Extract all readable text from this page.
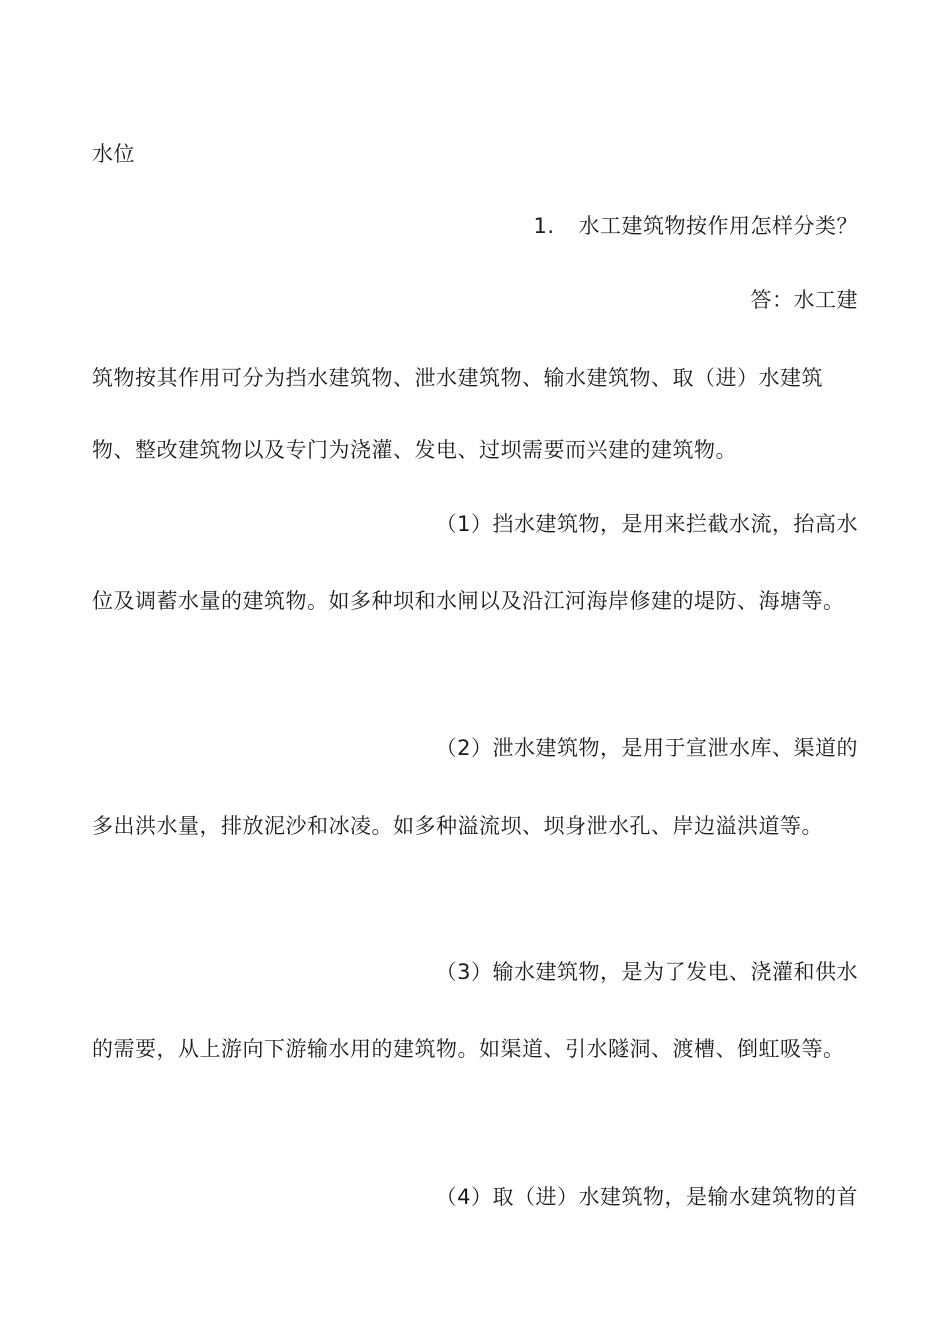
水位
1. 水工建筑物按作用怎样分类？
答：水工建
筑物按其作用可分为挡水建筑物、泄水建筑物、输水建筑物、取（进）水建筑
物、整改建筑物以及专门为浇灌、发电、过坝需要而兴建的建筑物。
（1）挡水建筑物，是用来拦截水流，抬高水
位及调蓄水量的建筑物。如多种坝和水闸以及沿江河海岸修建的堤防、海塘等。
（2）泄水建筑物，是用于宣泄水库、渠道的
多出洪水量，排放泥沙和冰凌。如多种溢流坝、坝身泄水孔、岸边溢洪道等。
（3）输水建筑物，是为了发电、浇灌和供水
的需要，从上游向下游输水用的建筑物。如渠道、引水隧洞、渡槽、倒虹吸等。
（4）取（进）水建筑物，是输水建筑物的首
